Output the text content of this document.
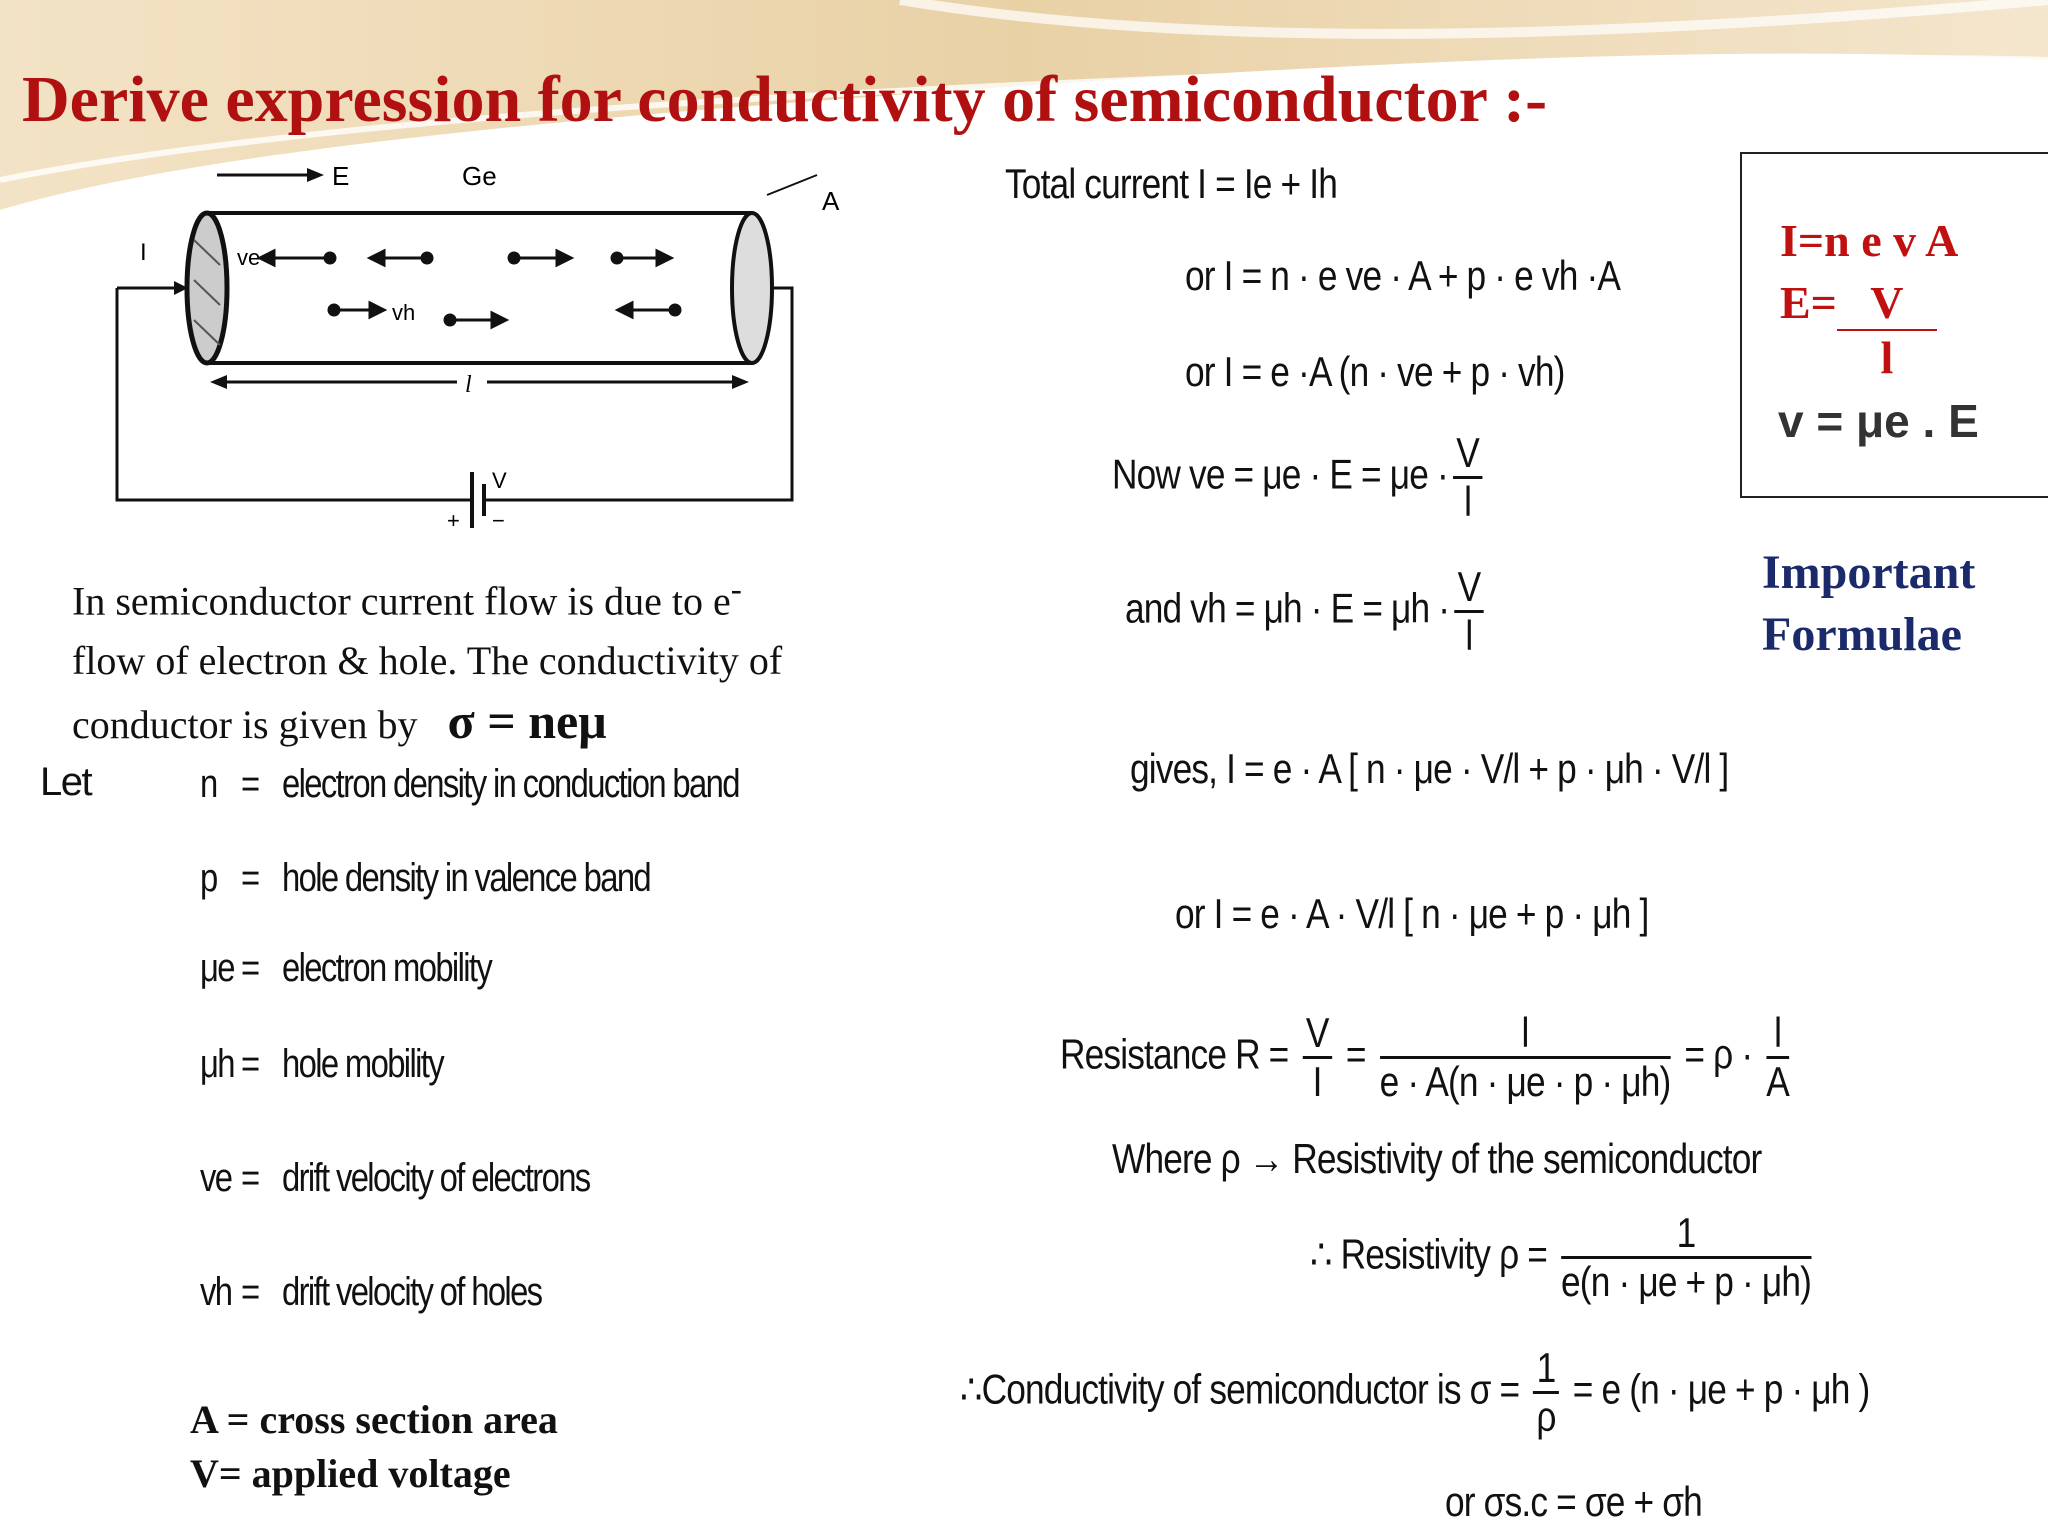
Derive expression for conductivity of semiconductor :-
E	Ge
A
ve
vh
l
I
V
+ −
In semiconductor current flow is due to e-
flow of electron & hole. The conductivity of
conductor is given by σ = neμ
Let	n = electron density in conduction band
p = hole density in valence band
μe = electron mobility
μh = hole mobility
ve = drift velocity of electrons
vh = drift velocity of holes
A = cross section area
V= applied voltage
Total current I = Ie + Ih
or I = n · e ve · A + p · e vh ·A
or I = e ·A (n · ve + p · vh)
Now ve = $\mu e \cdot E = \mu e \cdot \frac{V}{l}$
and vh = $\mu h \cdot E = \mu h \cdot \frac{V}{l}$
gives, I = e · A [ n · μe · V/l + p · μh · V/l ]
or I = e · A · V/l [ n · μe + p · μh ]
Resistance $R = \frac{V}{I} = \frac{l}{e \cdot A(n \cdot \mu e \cdot p \cdot \mu h)} = \rho \cdot \frac{l}{A}$
Where ρ → Resistivity of the semiconductor
∴ Resistivity $\rho = \frac{1}{e(n \cdot \mu e + p \cdot \mu h)}$
∴Conductivity of semiconductor is $\sigma = \frac{1}{\rho} = e$ (n · μe + p · μh )
or σs.c = σe + σh
I=n e v A
$E= \frac{V}{l}$
v = μe . E
Important
Formulae
